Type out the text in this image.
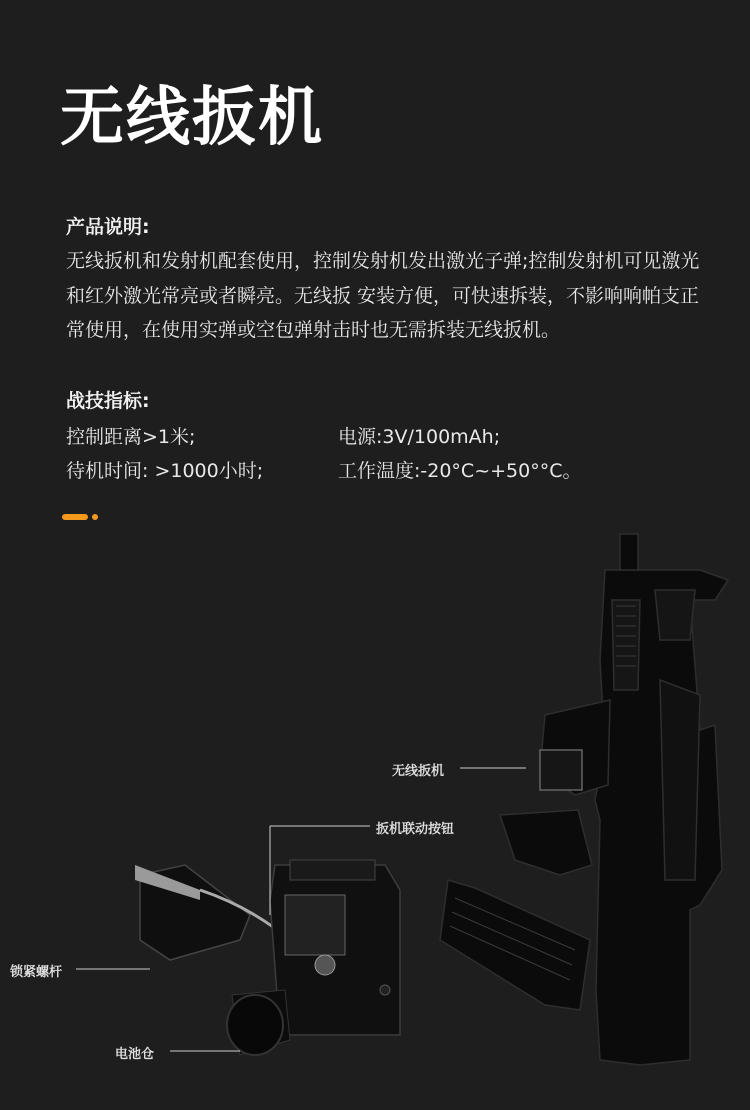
无线扳机
产品说明:
无线扳机和发射机配套使用，控制发射机发出激光子弹;控制发射机可见激光和红外激光常亮或者瞬亮。无线扳 安装方便，可快速拆装，不影响响帕支正常使用，在使用实弹或空包弹射击时也无需拆装无线扳机。
战技指标:
控制距离>1米;	电源:3V/100mAh;
待机时间: >1000小时;	工作温度:-20°C~+50°°C。
无线扳机
扳机联动按钮
锁紧螺杆
电池仓
